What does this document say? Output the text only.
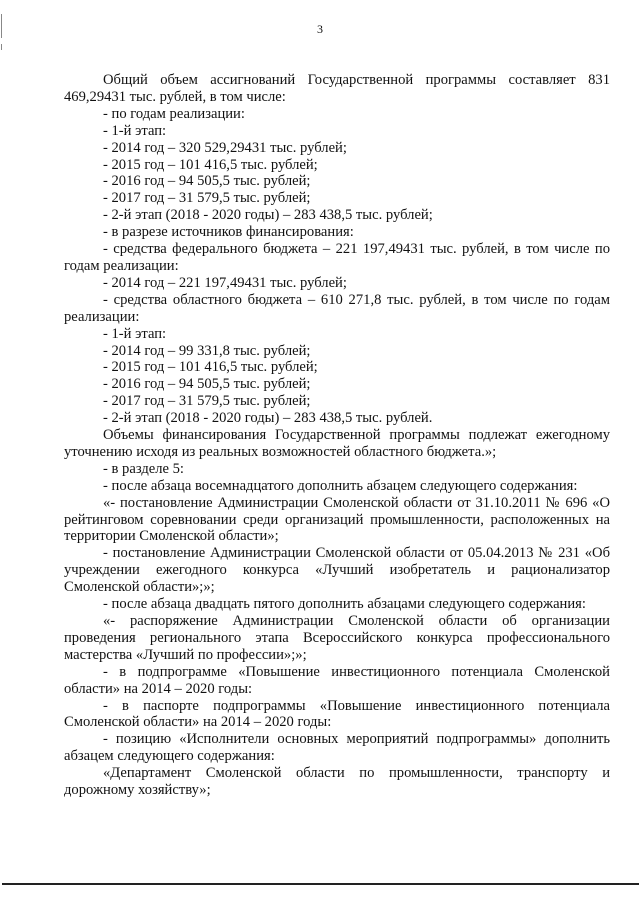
3

Общий объем ассигнований Государственной программы составляет 831 469,29431 тыс. рублей, в том числе:

- по годам реализации:

- 1-й этап:

- 2014 год – 320 529,29431 тыс. рублей;

- 2015 год – 101 416,5 тыс. рублей;

- 2016 год – 94 505,5 тыс. рублей;

- 2017 год – 31 579,5 тыс. рублей;

- 2-й этап (2018 - 2020 годы) – 283 438,5 тыс. рублей;

- в разрезе источников финансирования:

- средства федерального бюджета – 221 197,49431 тыс. рублей, в том числе по годам реализации:

- 2014 год – 221 197,49431 тыс. рублей;

- средства областного бюджета – 610 271,8 тыс. рублей, в том числе по годам реализации:

- 1-й этап:

- 2014 год – 99 331,8 тыс. рублей;

- 2015 год – 101 416,5 тыс. рублей;

- 2016 год – 94 505,5 тыс. рублей;

- 2017 год – 31 579,5 тыс. рублей;

- 2-й этап (2018 - 2020 годы) – 283 438,5 тыс. рублей.

Объемы финансирования Государственной программы подлежат ежегодному уточнению исходя из реальных возможностей областного бюджета.»;

- в разделе 5:

- после абзаца восемнадцатого дополнить абзацем следующего содержания:

«- постановление Администрации Смоленской области от 31.10.2011 № 696 «О рейтинговом соревновании среди организаций промышленности, расположенных на территории Смоленской области»;

- постановление Администрации Смоленской области от 05.04.2013 № 231 «Об учреждении ежегодного конкурса «Лучший изобретатель и рационализатор Смоленской области»;»;

- после абзаца двадцать пятого дополнить абзацами следующего содержания:

«- распоряжение Администрации Смоленской области об организации проведения регионального этапа Всероссийского конкурса профессионального мастерства «Лучший по профессии»;»;

- в подпрограмме «Повышение инвестиционного потенциала Смоленской области» на 2014 – 2020 годы:

- в паспорте подпрограммы «Повышение инвестиционного потенциала Смоленской области» на 2014 – 2020 годы:

- позицию «Исполнители основных мероприятий подпрограммы» дополнить абзацем следующего содержания:

«Департамент Смоленской области по промышленности, транспорту и дорожному хозяйству»;
